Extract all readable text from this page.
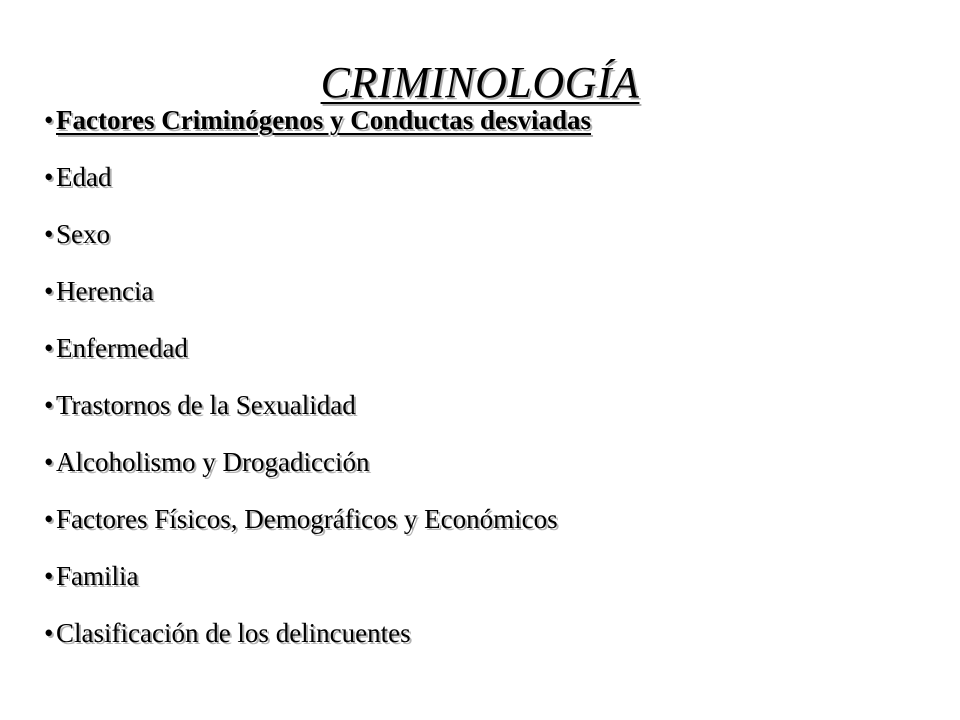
CRIMINOLOGÍA
•Factores Criminógenos y Conductas desviadas
•Edad
•Sexo
•Herencia
•Enfermedad
•Trastornos de la Sexualidad
•Alcoholismo y Drogadicción
•Factores Físicos, Demográficos y Económicos
•Familia
•Clasificación de los delincuentes
